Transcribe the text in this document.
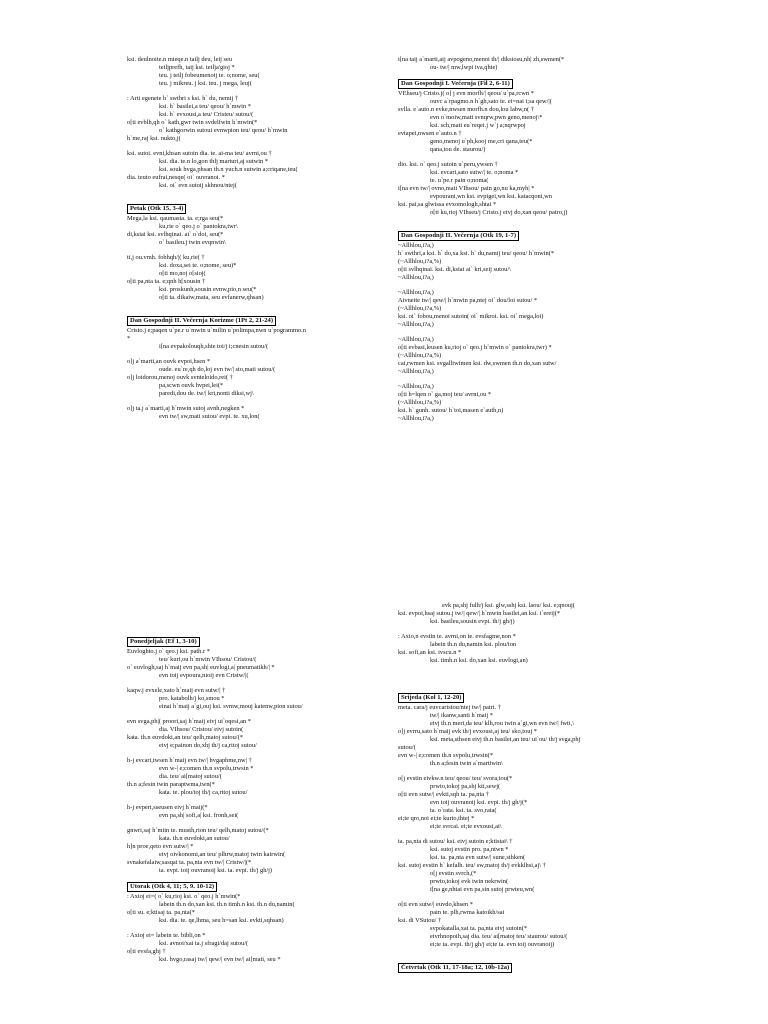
ksi. deulnoite.n mieqe.n tailj deu, leij seu
teiljprefh, taij ksi. teilja'gioj *
teu. j teilj fobeumenoij te. o;nome, seu(
teu. j mikreu. j ksi. teu. j mega, leuj(
: Arti egenete h` swthri s ksi. h` du, nemij †
ksi. h` basilei,a teu/ qeou/ h`mwin *
ksi. h` evxousi,a teu/ Cristeu/ sutou/(
o[ti evblh,qh o` kath,gwr twin svdelfwin h`mwin(*
o` kathgorwin sutoui evnwpion teu/ qeou/ h`mwin
h`me,raj ksi. nukto,j(
ksi. sutoi. evni,khsan sutoin dia. te. ai-ma teu/ avrni,ou †
ksi. dia. te.n lo,gon thlj marturi,aj sutwin *
ksi. souk hvga,phsan th.n yuch.n sutwin a;criqane,teu(
dia. teuto eufrai,nesqe( oi` ouvranoi. *
ksi. oi` evn sutoij skhnou/ntej(
Petak (Otk 15, 3-4)
Mega,la ksi. qaumasta. ta. e;rga seu(*
ku,rie o` qeo.j o` pantokra,twr\
di,ksiai ksi. svlhqinai. ai` o`doi, seu(*
o` basileu.j twin evqnwin\
ti,j ou.vmh. fobhqh/|( ku,rie( †
ksi. doxa,sei te. o;nome, seu)*
o[ti mo,noj o[sioj(
o[ti pa,nta ta. e;qnh h[xousin †
ksi. proskunh,sousin evnw,pio,n seu(*
o[ti ta. dikaiw,mata, seu evfanerw,qhsan)
Dan Gospodnji II. Večernja Korizme (1Pt 2, 21-24)
Cristo.j e;paqen u`pe.r u`mwin u`milin u`polimpa,nwn u`pogrammo.n
*
i[na evpakolouqh,shte toi/j i;cnesin sutou/(
o]j a`marti,an ouvk evpoi,hsen *
oude. eu`re,qh do,loj evn tw/| sto,mati sutou/(
o]j loidorou,menoj ouvk svnteloido,rei( †
pa,scwn ouvk hvpei,lei(*
paredi,dou de. tw/| kri,nonti diksi,wj\
o]j ta.j a`marti,aj h`mwin sutoj avnh,negken *
evn tw/| sw,mati sutou/ evpi. te. xu,lon(
i[na taij a`marti,aij avpogeno,menoi th/| diksiosu,nh| zh,swmen(*
ou- tw/| mw,lwpi iva,qhte)
Dan Gospodnji I. Večernja (Fil 2, 6-11)
VEhseu/j Cristo.j( o] j evn morfh/| qeou/ u`pa,rcwn *
ouvc a`rpagmo.n h`gh,sato te. ei=nai i;sa qew/|(
svlla. e`auto.n evke,nwsen morfh.n dou,lou labw,n( †
evn o`moiw,mati svnqrw,pwn geno,menoj\*
ksi. sch,mati eu`reqei.j w`j a;nqrwpoj
evtapei,nwsen e`auto.n †
geno,menoj u`ph,kooj me,cri qana,teu(*
qana,tou de. staurou/)
dio. ksi. o` qeo.j sutoin u`peru,ywsen †
ksi. evcari,sato sutw/| te. o;noma *
te. u`pe.r pain o;noma(
i[na evn tw/| ovno,mati VIhsou/ pain go,nu ka,myh| *
evpourani,wn ksi. evpigei,wn ksi. katacqoni,wn
ksi. pai,sa glwissa evxomologh,shtai *
o[ti ku,rioj VIhseu/j Cristo.j eivj do,xan qeou/ patro,j)
Dan Gospodnji II. Večernja (Otk 19, 1-7)
~Allhlou,i?a,)
h` swthri,a ksi. h` do,xa ksi. h` du,namij teu/ qeou/ h`mwin(*
(~Allhlou,i?a,%)
o[ti svlhqinai. ksi. di,ksiai ai` kri,seij sutou/\
~Allhlou,i?a,)
~Allhlou,i?a,)
Aivneite tw/| qew/| h`mwin pa,ntej oi` dou/loi sutou/ *
(~Allhlou,i?a,%)
ksi. oi` fobou,menoi sutoin( oi` mikroi. ksi. oi` mega,loi)
~Allhlou,i?a,)
~Allhlou,i?a,)
o[ti evbasi,leusen ku,rioj o` qeo.j h`mwin o` pantokra,twr) *
(~Allhlou,i?a,%)
cai,rwmen ksi. svgalliwimen ksi. dw,swmen th.n do,xan sutw/
~Allhlou,i?a,)
~Allhlou,i?a,)
o[ti h=lqen o` ga,moj teu/ avrni,ou *
(~Allhlou,i?a,%)
ksi. h` gunh. sutou/ h`toi,masen e`auth,n)
~Allhlou,i?a,)
Ponedjeljak (Ef 1, 3-10)
Euvloghto.j o` qeo.j ksi. path.r *
teu/ kuri,ou h`mwin VIhsou/ Cristou/(
o` euvlogh,saj h`maij evn pa,sh| euvlogi,a| pneumatikh/| *
evn toij evpoura,nioij evn Cristw/|(
kaqw.j evxele,xato h`maij evn sutw/| †
pro. katabolh/j ko,smou *
einai h`maij a`gi,ouj ksi. svmw,mouj katenw,pion sutou/
evn svga,ph|( proori,saj h`maij eivj ui`oqesi,an *
dia. VIhsou/ Cristou/ eivj sutoin(
kata. th.n euvdoki,an teu/ qelh,matoj sutou/(*
eivj e;painon do,xhj th/j ca,ritoj sutou/
h-j evcari,twsen h`maij evn tw/| hvgaphme,nw| †
evn w-| e;comen th.n svpolu,trwsin *
dia. teu/ ai[matoj sutou/(
th.n a;fesin twin paraptwma,twn(*
kata. te. plou/toj th/j ca,ritoj sutou/
h-j evperi,sseusen eivj h`maij(*
evn pa,sh| sofi,a| ksi. fronh,sei(
gnwri,saj h`miin te. musth,rion teu/ qelh,matoj sutou/(*
kata. th.n euvdoki,an sutou/
h]n proe,qeto evn sutw/| *
eivj oivkonomi,an teu/ plhrw,matoj twin kairwin(
svnakefalaiw,sasqai ta. pa,nta evn tw/| Cristw/|(*
ta. evpi. toij ouvranoij ksi. ta. evpi. th/j gh/j)
Utorak (Otk 4, 11; 5, 9. 10-12)
: Axioj ei=( o` ku,rioj ksi. o` qeo.j h`mwin(*
labein th.n do,xan ksi. th.n timh.n ksi. th.n du,namin(
o[ti su. e;ktisaj ta. pa,nta(*
ksi. dia. te. qe,lhma, seu h=san ksi. evkti,sqhsan)
: Axioj ei= labein te. bibli,on *
ksi. avnoi/xai ta.j sfragi/daj sutou/(
o[ti evsfa,ghj †
ksi. hvgo,rasaj tw/| qew/| evn tw/| ai[mati, seu *
evk pa,shj fulh/j ksi. glw,sshj ksi. laou/ ksi. e;qnouj(
ksi. evpoi,hsaj sutou.j tw/| qew/| h`mwin basilei,an ksi. i`ereij(*
ksi. basileu,sousin evpi. th/j gh/j)
: Axio,n evstin te. avrni,on te. evsfagme,non *
labein th.n du,namin ksi. plou/ton
ksi. sofi,an ksi. ivscu.n *
ksi. timh.n ksi. do,xan ksi. euvlogi,an)
Srijeda (Kol 1, 12-20)
meta. cara/j euvcaristou/ntej tw/| patri. †
tw/| ikanw,santi h`maij *
eivj th.n meri,da teu/ klh,rou twin a`gi,wn evn tw/| fwti,\
o]j evrru,sato h`maij evk th/j evxousi,aj teu/ sko,touj *
ksi. meta,sthsen eivj th.n basilei,an teu/ ui`ou/ th/j svga,phj
sutou/(
evn w-| e;comen th.n svpolu,trwsin(*
th.n a;fesin twin a`martiwin\
o[j evstin eivkw.n teu/ qeou/ teu/ svora,tou(*
prwto,tokoj pa,shj kti,sewj(
o[ti evn sutw/| evkti,sqh ta. pa,nta †
evn toij ouvranoij ksi. evpi. th/j gh/j(*
ta. o`rata. ksi. ta. svo,rata(
ei;te qro,noi ei;te kurio,thtej *
ei;te svrcai. ei;te evxousi,ai\
ta. pa,nta di sutou/ ksi. eivj sutoin e;ktistai\ †
ksi. sutoj evstin pro. pa,ntwn *
ksi. ta. pa,nta evn sutw/| sune,sthken(
ksi. sutoj evstin h` kefalh. teu/ sw,matoj th/j evkklhsi,aj\ †
o[j evstin svrch,(*
prwto,tokoj evk twin nekrwin(
i[na ge,nhtai evn pa,sin sutoj prwteu,wn(
o[ti evn sutw/| euvdo,khsen *
pain te. plh,rwma katoikh/sai
ksi. di VSutou/ †
svpokatalla,xai ta. pa,nta eivj sutoin(*
eivrhnopoih,saj dia. teu/ ai[matoj teu/ staurou/ sutou/(
ei;te ta. evpi. th/j gh/j ei;te ta. evn toij ouvranoij)
Četvrtak (Otk 11, 17-18a; 12, 10b-12a)
